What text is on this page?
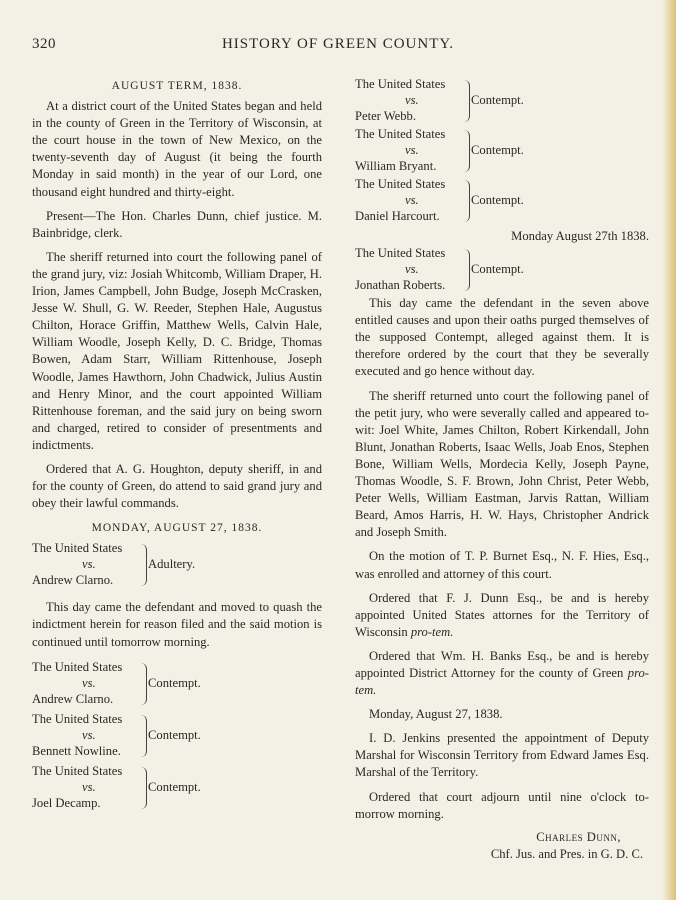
320	HISTORY OF GREEN COUNTY.
AUGUST TERM, 1838.

At a district court of the United States began and held in the county of Green in the Territory of Wisconsin, at the court house in the town of New Mexico, on the twenty-seventh day of August (it being the fourth Monday in said month) in the year of our Lord, one thousand eight hundred and thirty-eight.

Present—The Hon. Charles Dunn, chief justice. M. Bainbridge, clerk.

The sheriff returned into court the following panel of the grand jury, viz: Josiah Whitcomb, William Draper, H. Irion, James Campbell, John Budge, Joseph McCrasken, Jesse W. Shull, G. W. Reeder, Stephen Hale, Augustus Chilton, Horace Griffin, Matthew Wells, Calvin Hale, William Woodle, Joseph Kelly, D. C. Bridge, Thomas Bowen, Adam Starr, William Rittenhouse, Joseph Woodle, James Hawthorn, John Chadwick, Julius Austin and Henry Minor, and the court appointed William Rittenhouse foreman, and the said jury on being sworn and charged, retired to consider of presentments and indictments.

Ordered that A. G. Houghton, deputy sheriff, in and for the county of Green, do attend to said grand jury and obey their lawful commands.

MONDAY, AUGUST 27, 1838.
The United States
vs.
Andrew Clarno.
Adultery.

This day came the defendant and moved to quash the indictment herein for reason filed and the said motion is continued until tomorrow morning.

The United States
vs.
Andrew Clarno.
Contempt.
The United States
vs.
Bennett Nowline.
Contempt.
The United States
vs.
Joel Decamp.
Contempt.
The United States
vs.
Peter Webb.
Contempt.
The United States
vs.
William Bryant.
Contempt.
The United States
vs.
Daniel Harcourt.
Contempt.

Monday August 27th 1838.

The United States
vs.
Jonathan Roberts.
Contempt.

This day came the defendant in the seven above entitled causes and upon their oaths purged themselves of the supposed Contempt, alleged against them. It is therefore ordered by the court that they be severally executed and go hence without day.

The sheriff returned unto court the following panel of the petit jury, who were severally called and appeared to-wit: Joel White, James Chilton, Robert Kirkendall, John Blunt, Jonathan Roberts, Isaac Wells, Joab Enos, Stephen Bone, William Wells, Mordecia Kelly, Joseph Payne, Thomas Woodle, S. F. Brown, John Christ, Peter Webb, Peter Wells, William Eastman, Jarvis Rattan, William Beard, Amos Harris, H. W. Hays, Christopher Andrick and Joseph Smith.

On the motion of T. P. Burnet Esq., N. F. Hies, Esq., was enrolled and attorney of this court.

Ordered that F. J. Dunn Esq., be and is hereby appointed United States attornes for the Territory of Wisconsin pro-tem.

Ordered that Wm. H. Banks Esq., be and is hereby appointed District Attorney for the county of Green pro-tem.

Monday, August 27, 1838.

I. D. Jenkins presented the appointment of Deputy Marshal for Wisconsin Territory from Edward James Esq. Marshal of the Territory.

Ordered that court adjourn until nine o'clock to-morrow morning.

Charles Dunn,
Chf. Jus. and Pres. in G. D. C.
